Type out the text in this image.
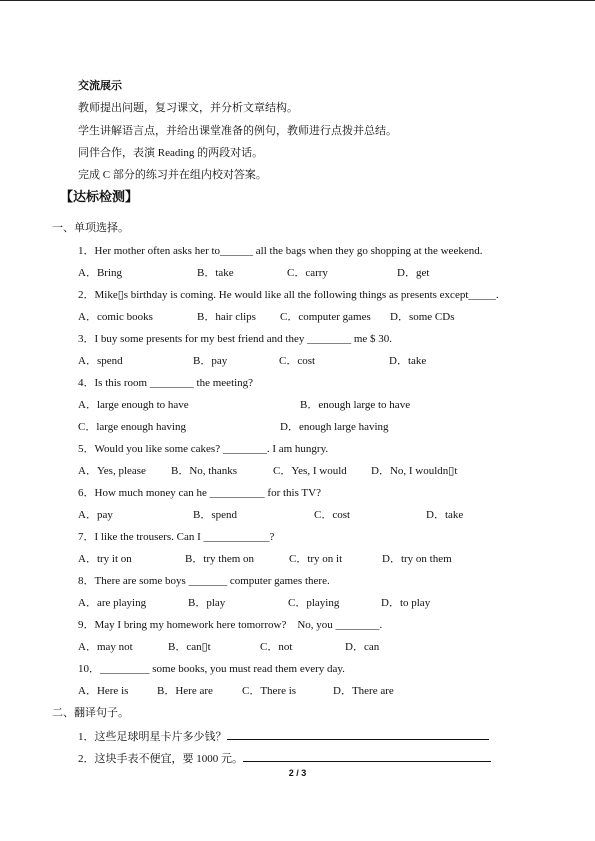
交流展示
教师提出问题，复习课文，并分析文章结构。
学生讲解语言点，并给出课堂准备的例句，教师进行点拨并总结。
同伴合作，表演 Reading 的两段对话。
完成 C 部分的练习并在组内校对答案。
【达标检测】
一、单项选择。
1．Her mother often asks her to______ all the bags when they go shopping at the weekend.
A．Bring	B．take	C．carry	D．get
2．Mike▯s birthday is coming. He would like all the following things as presents except_____.
A．comic books	B．hair clips C．computer games D．some CDs
3．I buy some presents for my best friend and they ________ me $ 30.
A．spend	B．pay	C．cost	D．take
4．Is this room ________ the meeting?
A．large enough to have	B．enough large to have
C．large enough having	D．enough large having
5．Would you like some cakes? ________. I am hungry.
A．Yes, please B．No, thanks	C．Yes, I would D．No, I wouldn▯t
6．How much money can he __________ for this TV?
A．pay	B．spend	C．cost	D．take
7．I like the trousers. Can I ____________?
A．try it on	B．try them on	C．try on it	D．try on them
8．There are some boys _______ computer games there.
A．are playing	B．play	C．playing	D．to play
9．May I bring my homework here tomorrow?　No, you ________.
A．may not	B．can▯t	C．not	D．can
10．_________ some books, you must read them every day.
A．Here is	B．Here are	C．There is	D．There are
二、翻译句子。
1．这些足球明星卡片多少钱？
2．这块手表不便宜，要 1000 元。
2 / 3
